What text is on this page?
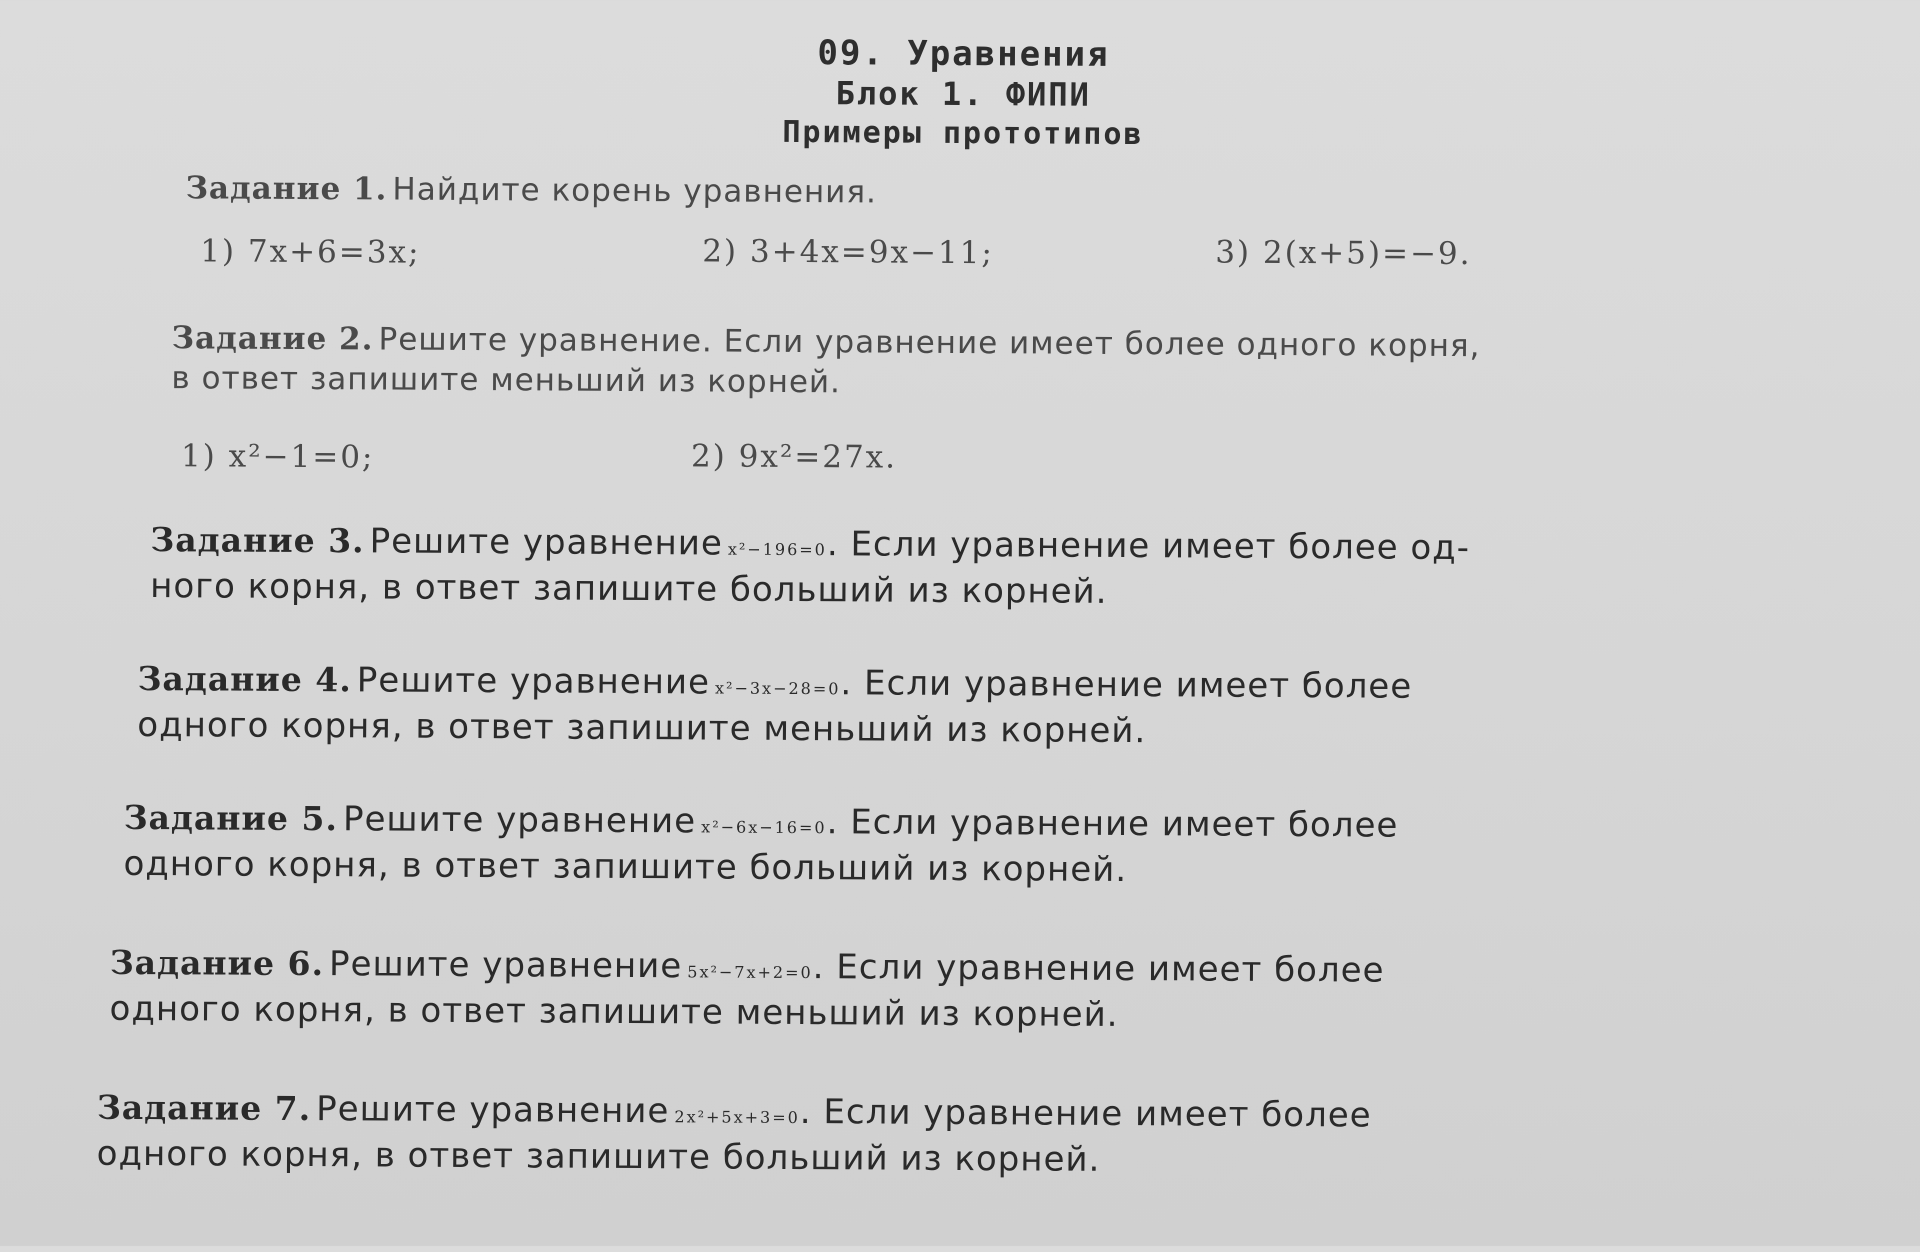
09. Уравнения
Блок 1. ФИПИ
Примеры прототипов
Задание 1. Найдите корень уравнения.
1) 7x+6=3x;	2) 3+4x=9x−11;	3) 2(x+5)=−9.
Задание 2. Решите уравнение. Если уравнение имеет более одного корня,
в ответ запишите меньший из корней.
1) x²−1=0;	2) 9x²=27x.
Задание 3. Решите уравнение x²−196=0. Если уравнение имеет более од-
ного корня, в ответ запишите больший из корней.
Задание 4. Решите уравнение x²−3x−28=0. Если уравнение имеет более
одного корня, в ответ запишите меньший из корней.
Задание 5. Решите уравнение x²−6x−16=0. Если уравнение имеет более
одного корня, в ответ запишите больший из корней.
Задание 6. Решите уравнение 5x²−7x+2=0. Если уравнение имеет более
одного корня, в ответ запишите меньший из корней.
Задание 7. Решите уравнение 2x²+5x+3=0. Если уравнение имеет более
одного корня, в ответ запишите больший из корней.
